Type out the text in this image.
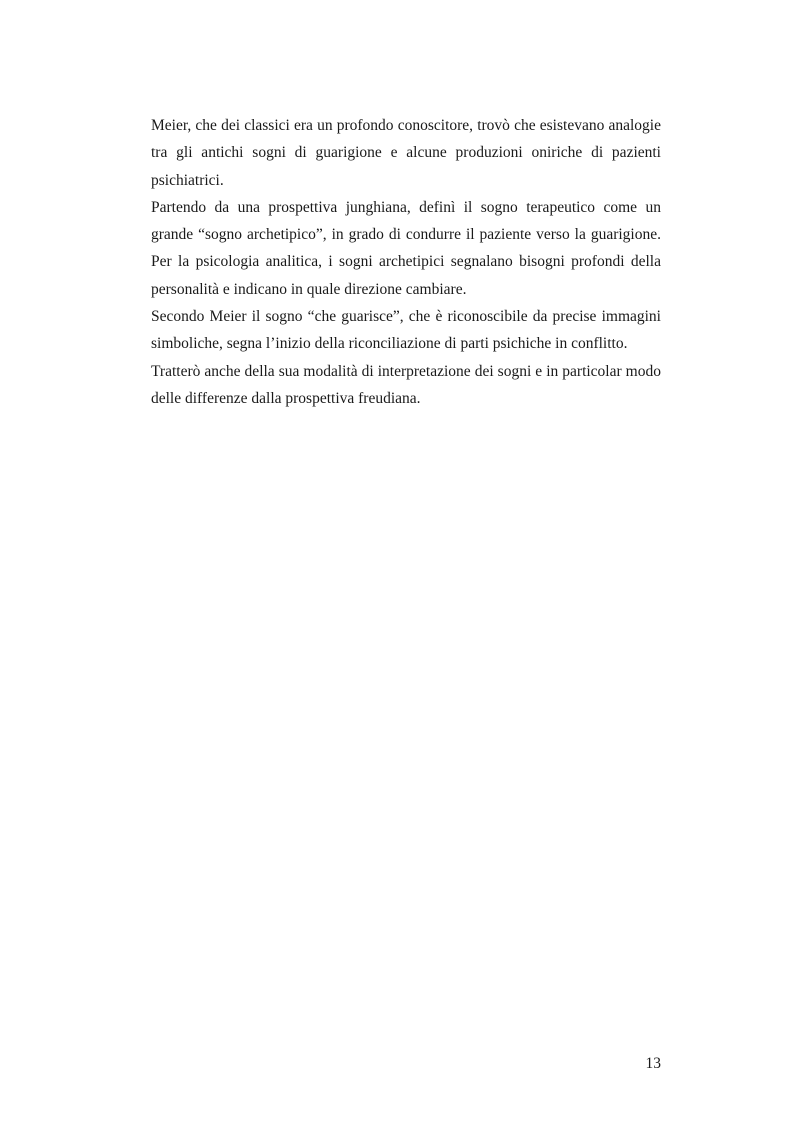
Meier, che dei classici era un profondo conoscitore, trovò che esistevano analogie tra gli antichi sogni di guarigione e alcune produzioni oniriche di pazienti psichiatrici.

Partendo da una prospettiva junghiana, definì il sogno terapeutico come un grande “sogno archetipico”, in grado di condurre il paziente verso la guarigione. Per la psicologia analitica, i sogni archetipici segnalano bisogni profondi della personalità e indicano in quale direzione cambiare.

Secondo Meier il sogno “che guarisce”, che è riconoscibile da precise immagini simboliche, segna l’inizio della riconciliazione di parti psichiche in conflitto.

Tratterò anche della sua modalità di interpretazione dei sogni e in particolar modo delle differenze dalla prospettiva freudiana.

13
